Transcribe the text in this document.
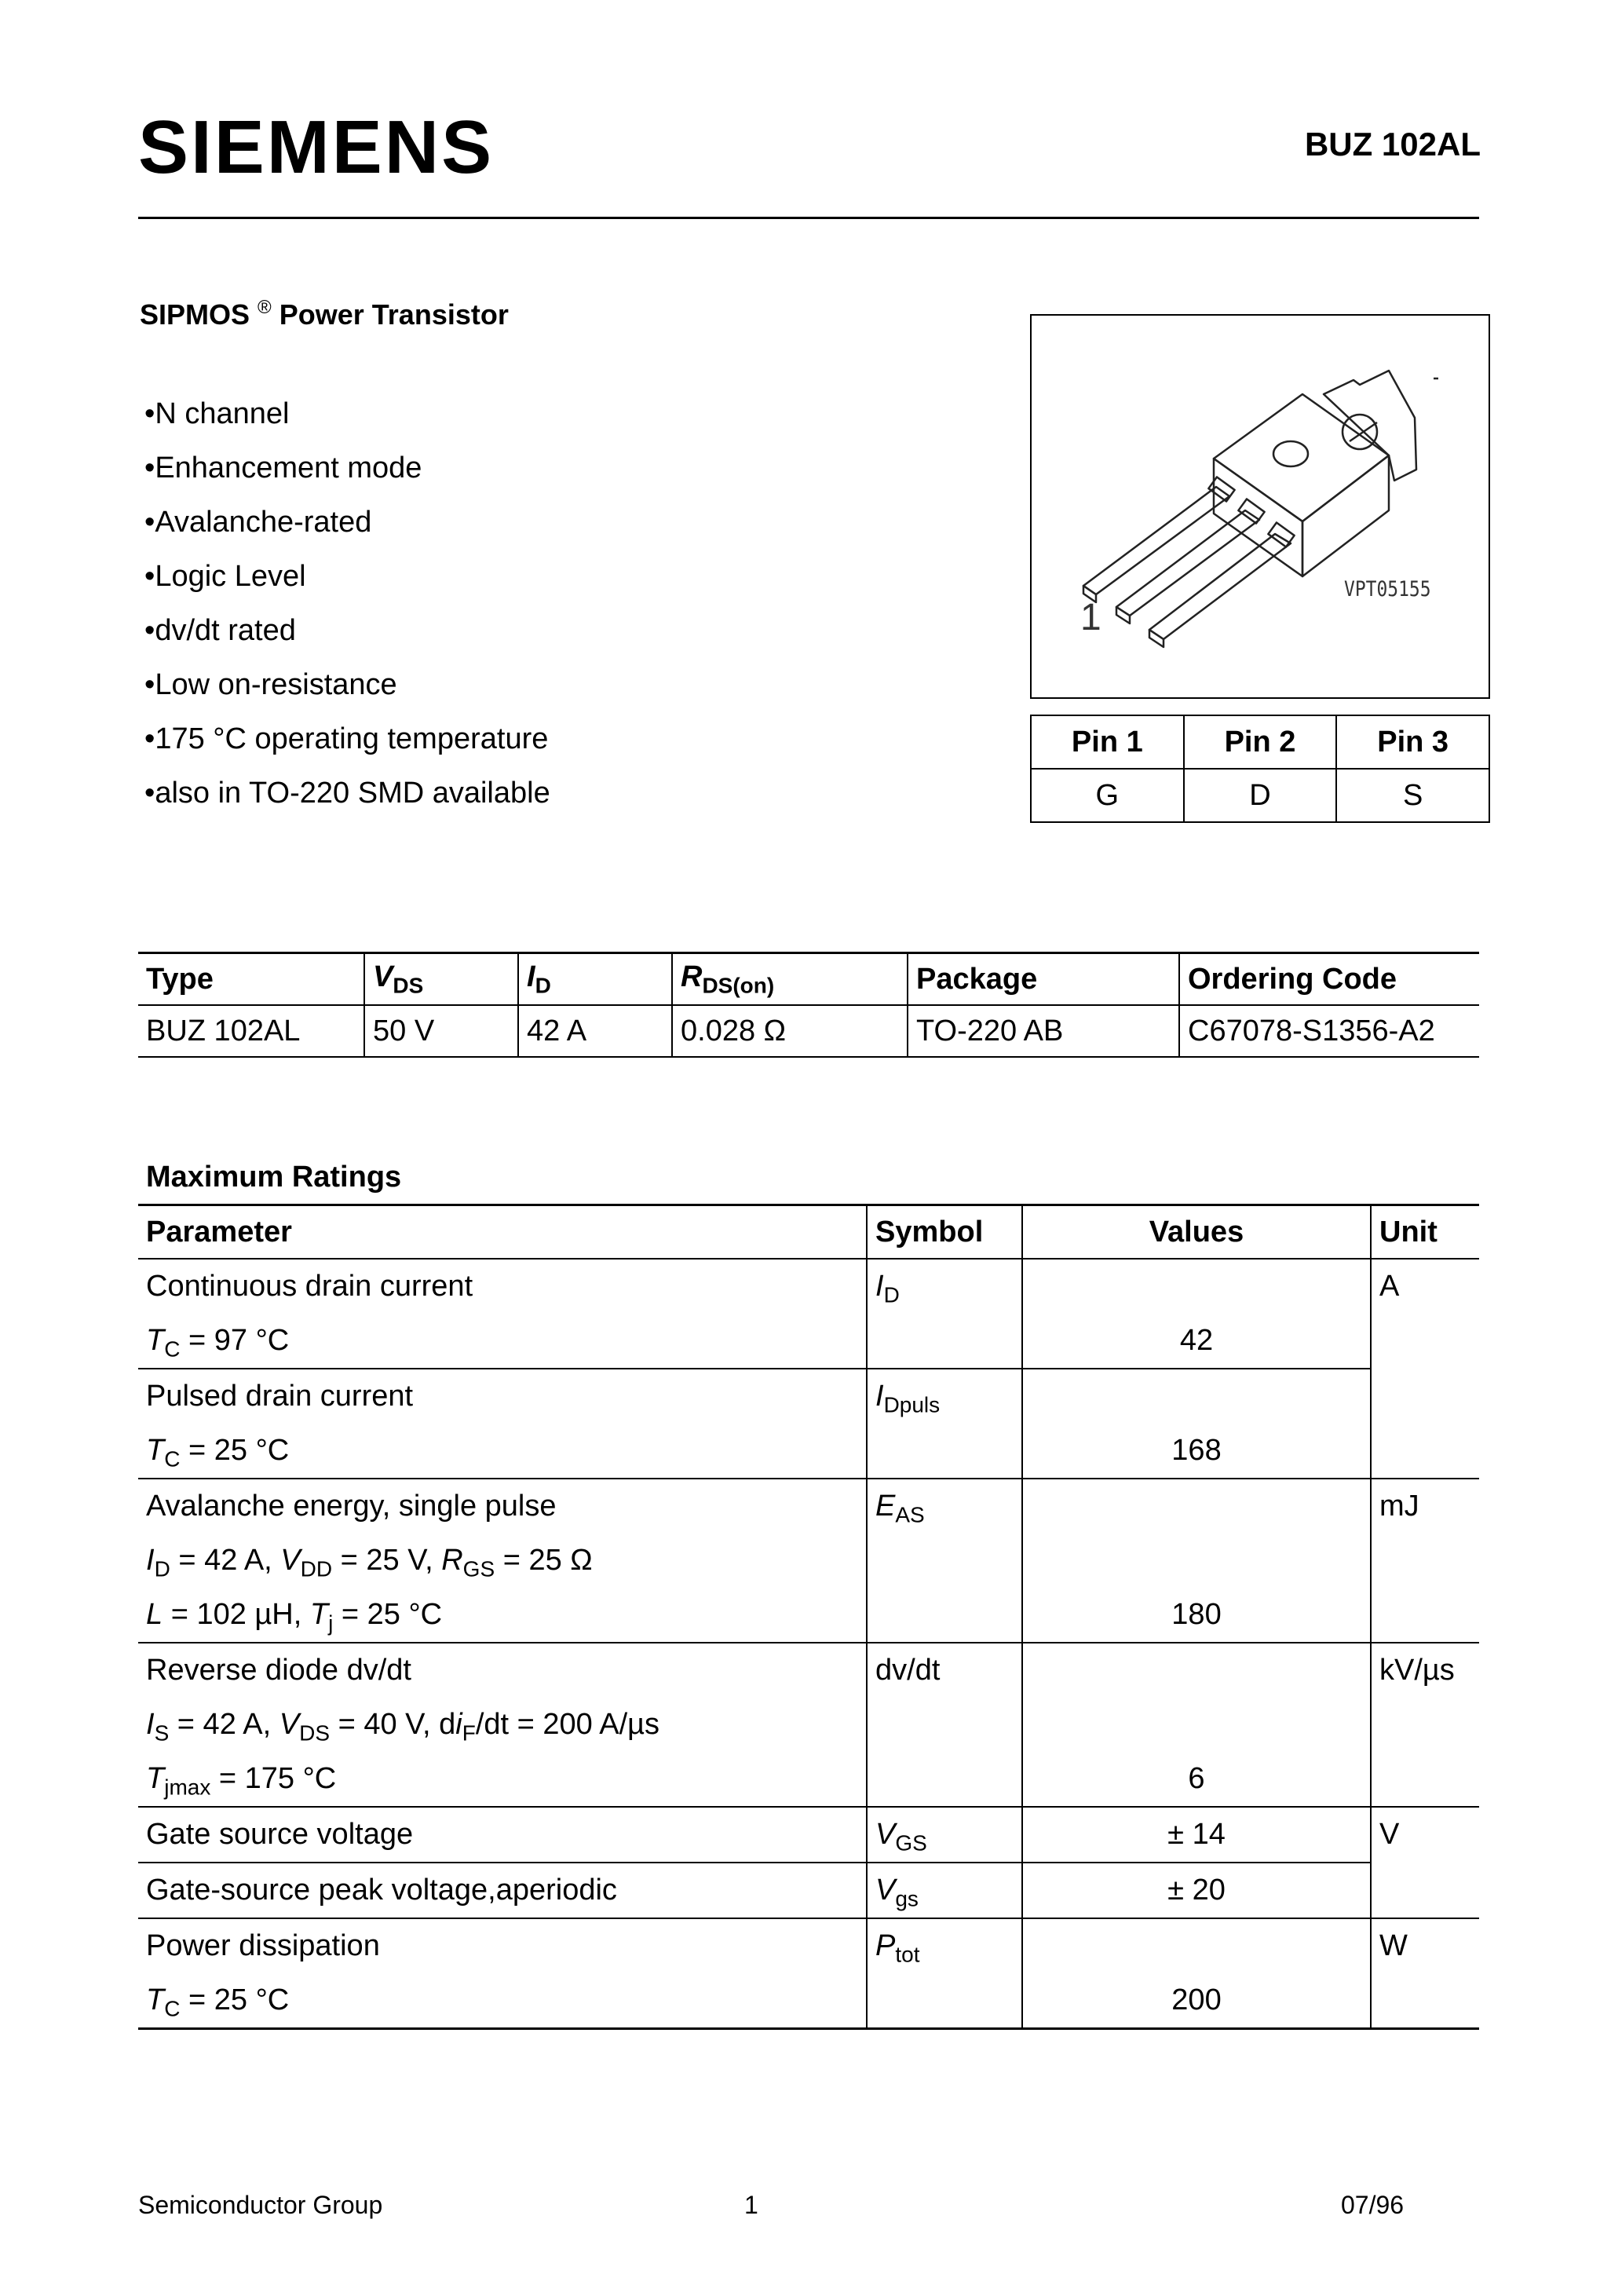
SIEMENS	BUZ 102AL
SIPMOS ® Power Transistor
• N channel
• Enhancement mode
• Avalanche-rated
• Logic Level
• dv/dt rated
• Low on-resistance
• 175 °C operating temperature
• also in TO-220 SMD available
VPT05155
1
Pin 1	Pin 2	Pin 3
G	D	S
Type	$V_{DS}$	$I_D$	$R_{DS(on)}$	Package	Ordering Code
BUZ 102AL	50 V	42 A	0.028 Ω	TO-220 AB	C67078-S1356-A2
Maximum Ratings
Parameter	Symbol	Values	Unit

Continuous drain current
$T_C = 97$ °C	$I_D$	42	A

Pulsed drain current
$T_C = 25$ °C	$I_{Dpuls}$	168	

Avalanche energy, single pulse
$I_D = 42$ A, $V_{DD} = 25$ V, $R_{GS} = 25$ Ω
L = 102 µH, $T_j = 25$ °C	$E_{AS}$	180	mJ

Reverse diode dv/dt
$I_S = 42$ A, $V_{DS} = 40$ V, $di_F/dt = 200$ A/µs
$T_{jmax} = 175$ °C	dv/dt	6	kV/µs

Gate source voltage	$V_{GS}$	± 14	V

Gate-source peak voltage,aperiodic	$V_{gs}$	± 20	

Power dissipation
$T_C = 25$ °C	$P_{tot}$	200	W
Semiconductor Group	1	07/96
